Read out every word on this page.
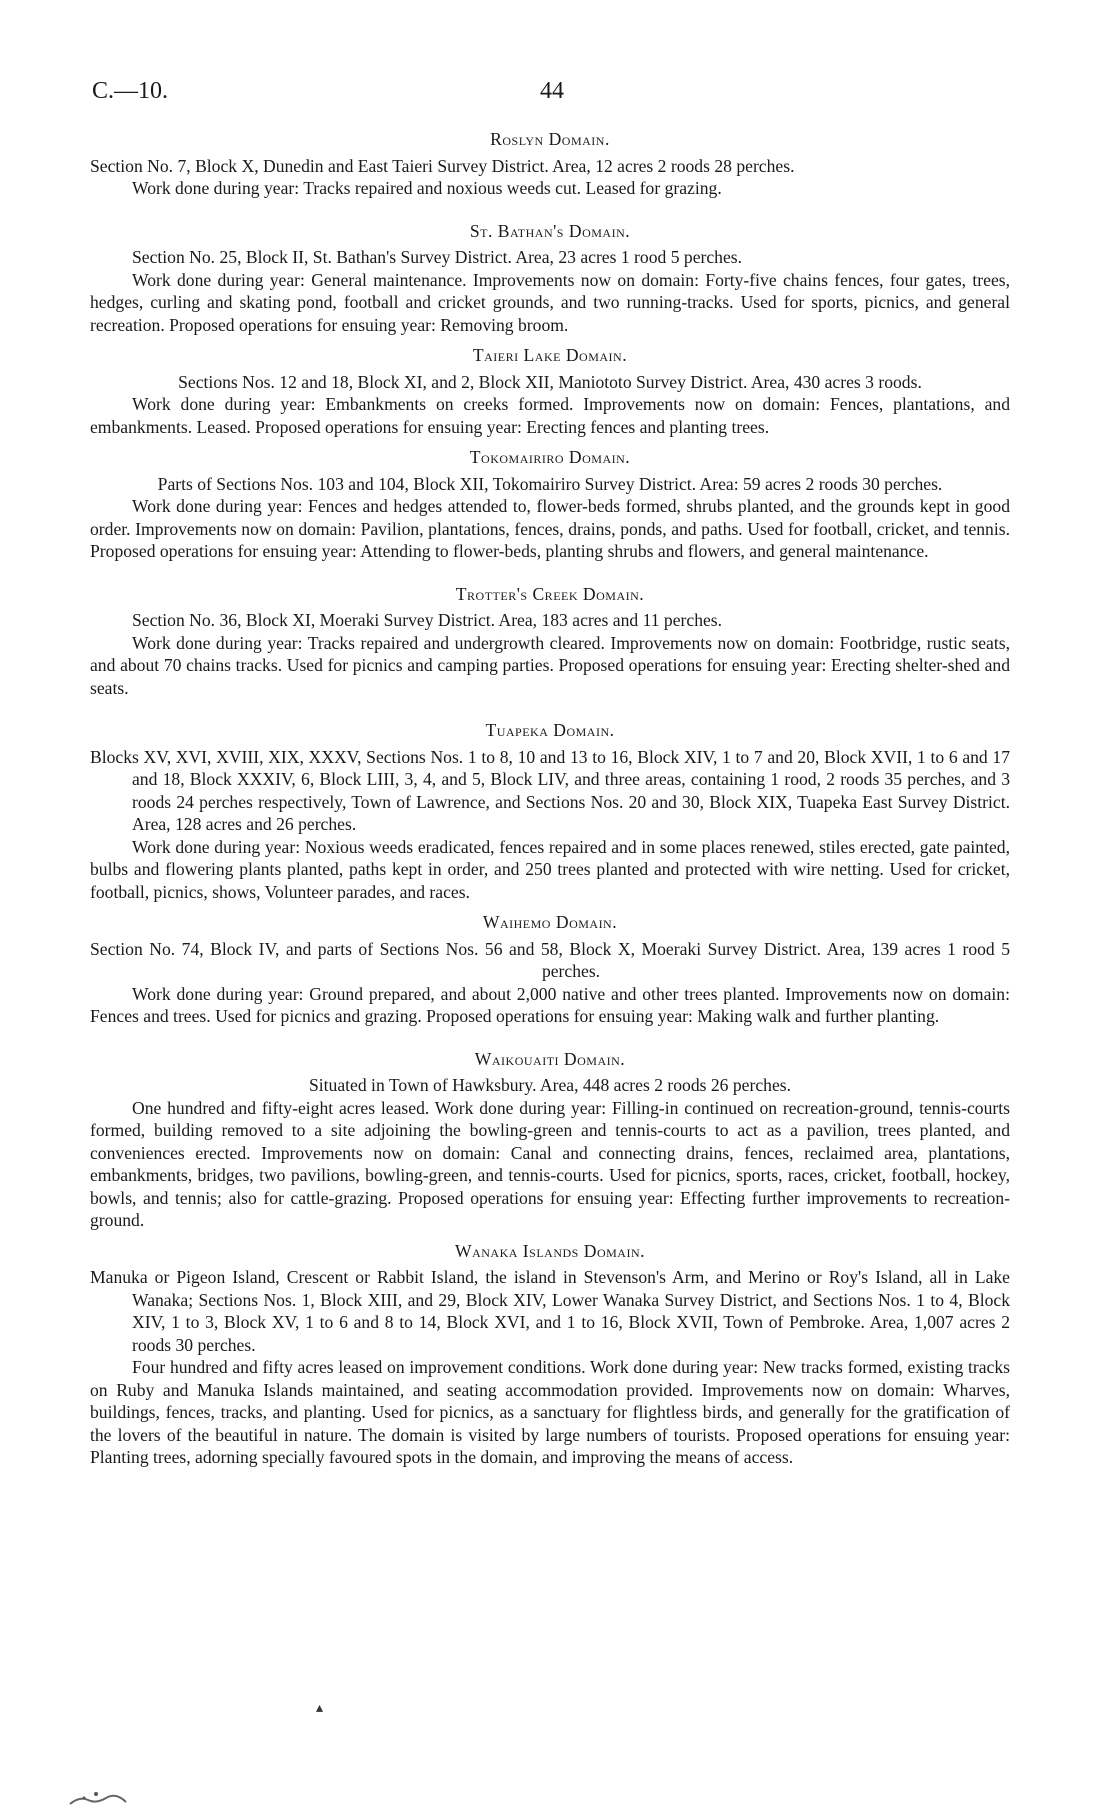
C.—10.	44
Roslyn Domain.

Section No. 7, Block X, Dunedin and East Taieri Survey District. Area, 12 acres 2 roods 28 perches.

Work done during year: Tracks repaired and noxious weeds cut. Leased for grazing.

St. Bathan's Domain.

Section No. 25, Block II, St. Bathan's Survey District. Area, 23 acres 1 rood 5 perches.

Work done during year: General maintenance. Improvements now on domain: Forty-five chains fences, four gates, trees, hedges, curling and skating pond, football and cricket grounds, and two running-tracks. Used for sports, picnics, and general recreation. Proposed operations for ensuing year: Removing broom.

Taieri Lake Domain.
Sections Nos. 12 and 18, Block XI, and 2, Block XII, Maniototo Survey District. Area, 430 acres 3 roods.

Work done during year: Embankments on creeks formed. Improvements now on domain: Fences, plantations, and embankments. Leased. Proposed operations for ensuing year: Erecting fences and planting trees.

Tokomairiro Domain.
Parts of Sections Nos. 103 and 104, Block XII, Tokomairiro Survey District. Area: 59 acres 2 roods 30 perches.

Work done during year: Fences and hedges attended to, flower-beds formed, shrubs planted, and the grounds kept in good order. Improvements now on domain: Pavilion, plantations, fences, drains, ponds, and paths. Used for football, cricket, and tennis. Proposed operations for ensuing year: Attending to flower-beds, planting shrubs and flowers, and general maintenance.

Trotter's Creek Domain.

Section No. 36, Block XI, Moeraki Survey District. Area, 183 acres and 11 perches.

Work done during year: Tracks repaired and undergrowth cleared. Improvements now on domain: Footbridge, rustic seats, and about 70 chains tracks. Used for picnics and camping parties. Proposed operations for ensuing year: Erecting shelter-shed and seats.

Tuapeka Domain.
Blocks XV, XVI, XVIII, XIX, XXXV, Sections Nos. 1 to 8, 10 and 13 to 16, Block XIV, 1 to 7 and 20, Block XVII, 1 to 6 and 17 and 18, Block XXXIV, 6, Block LIII, 3, 4, and 5, Block LIV, and three areas, containing 1 rood, 2 roods 35 perches, and 3 roods 24 perches respectively, Town of Lawrence, and Sections Nos. 20 and 30, Block XIX, Tuapeka East Survey District. Area, 128 acres and 26 perches.

Work done during year: Noxious weeds eradicated, fences repaired and in some places renewed, stiles erected, gate painted, bulbs and flowering plants planted, paths kept in order, and 250 trees planted and protected with wire netting. Used for cricket, football, picnics, shows, Volunteer parades, and races.

Waihemo Domain.
Section No. 74, Block IV, and parts of Sections Nos. 56 and 58, Block X, Moeraki Survey District. Area, 139 acres 1 rood 5 perches.

Work done during year: Ground prepared, and about 2,000 native and other trees planted. Improvements now on domain: Fences and trees. Used for picnics and grazing. Proposed operations for ensuing year: Making walk and further planting.

Waikouaiti Domain.
Situated in Town of Hawksbury. Area, 448 acres 2 roods 26 perches.

One hundred and fifty-eight acres leased. Work done during year: Filling-in continued on recreation-ground, tennis-courts formed, building removed to a site adjoining the bowling-green and tennis-courts to act as a pavilion, trees planted, and conveniences erected. Improvements now on domain: Canal and connecting drains, fences, reclaimed area, plantations, embankments, bridges, two pavilions, bowling-green, and tennis-courts. Used for picnics, sports, races, cricket, football, hockey, bowls, and tennis; also for cattle-grazing. Proposed operations for ensuing year: Effecting further improvements to recreation-ground.

Wanaka Islands Domain.
Manuka or Pigeon Island, Crescent or Rabbit Island, the island in Stevenson's Arm, and Merino or Roy's Island, all in Lake Wanaka; Sections Nos. 1, Block XIII, and 29, Block XIV, Lower Wanaka Survey District, and Sections Nos. 1 to 4, Block XIV, 1 to 3, Block XV, 1 to 6 and 8 to 14, Block XVI, and 1 to 16, Block XVII, Town of Pembroke. Area, 1,007 acres 2 roods 30 perches.

Four hundred and fifty acres leased on improvement conditions. Work done during year: New tracks formed, existing tracks on Ruby and Manuka Islands maintained, and seating accommodation provided. Improvements now on domain: Wharves, buildings, fences, tracks, and planting. Used for picnics, as a sanctuary for flightless birds, and generally for the gratification of the lovers of the beautiful in nature. The domain is visited by large numbers of tourists. Proposed operations for ensuing year: Planting trees, adorning specially favoured spots in the domain, and improving the means of access.

▴
